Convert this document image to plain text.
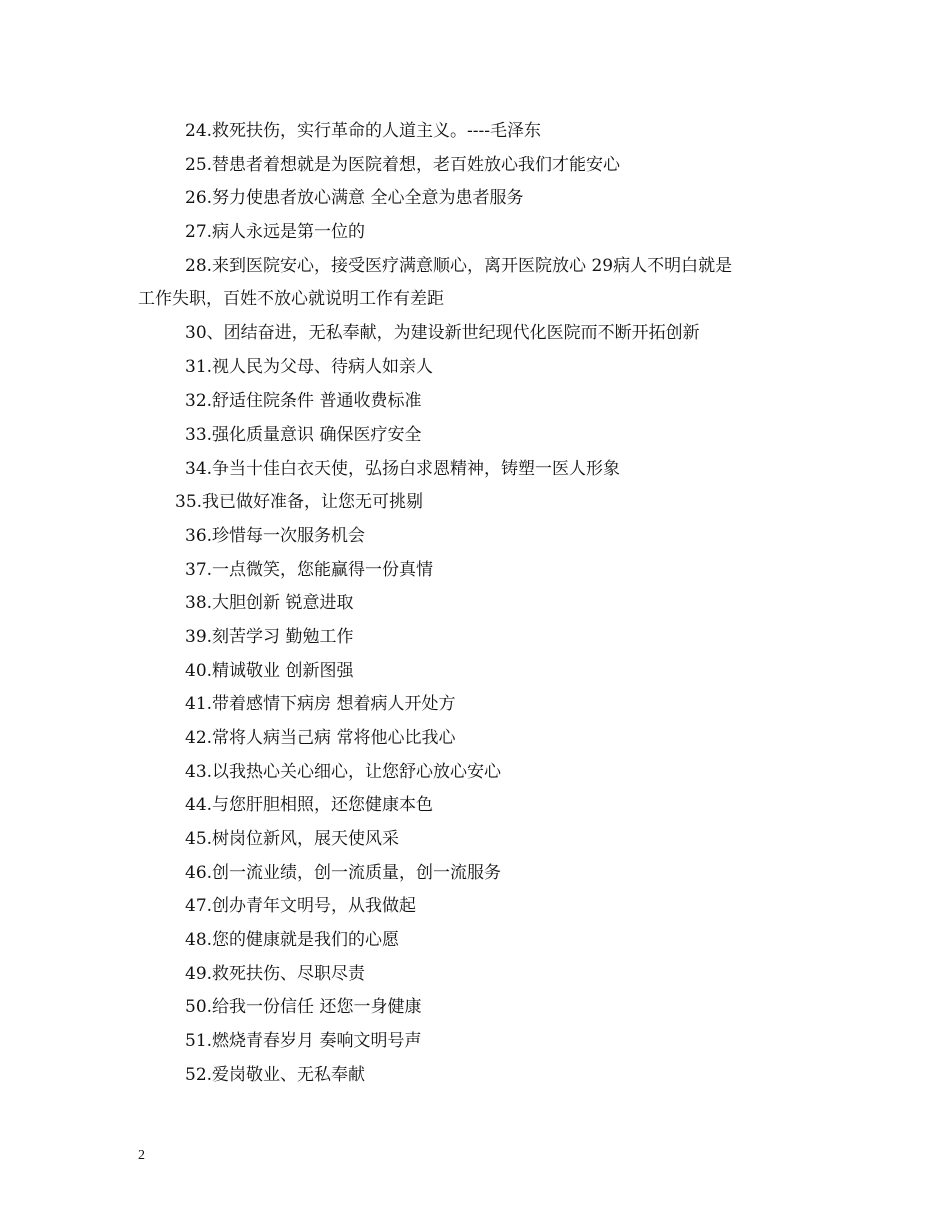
24.救死扶伤，实行革命的人道主义。----毛泽东
25.替患者着想就是为医院着想，老百姓放心我们才能安心
26.努力使患者放心满意 全心全意为患者服务
27.病人永远是第一位的
28.来到医院安心，接受医疗满意顺心，离开医院放心 29病人不明白就是
工作失职，百姓不放心就说明工作有差距
30、团结奋进，无私奉献，为建设新世纪现代化医院而不断开拓创新
31.视人民为父母、待病人如亲人
32.舒适住院条件 普通收费标准
33.强化质量意识 确保医疗安全
34.争当十佳白衣天使，弘扬白求恩精神，铸塑一医人形象
35.我已做好准备，让您无可挑剔
36.珍惜每一次服务机会
37.一点微笑，您能赢得一份真情
38.大胆创新 锐意进取
39.刻苦学习 勤勉工作
40.精诚敬业 创新图强
41.带着感情下病房 想着病人开处方
42.常将人病当己病 常将他心比我心
43.以我热心关心细心，让您舒心放心安心
44.与您肝胆相照，还您健康本色
45.树岗位新风，展天使风采
46.创一流业绩，创一流质量，创一流服务
47.创办青年文明号，从我做起
48.您的健康就是我们的心愿
49.救死扶伤、尽职尽责
50.给我一份信任 还您一身健康
51.燃烧青春岁月 奏响文明号声
52.爱岗敬业、无私奉献
2
